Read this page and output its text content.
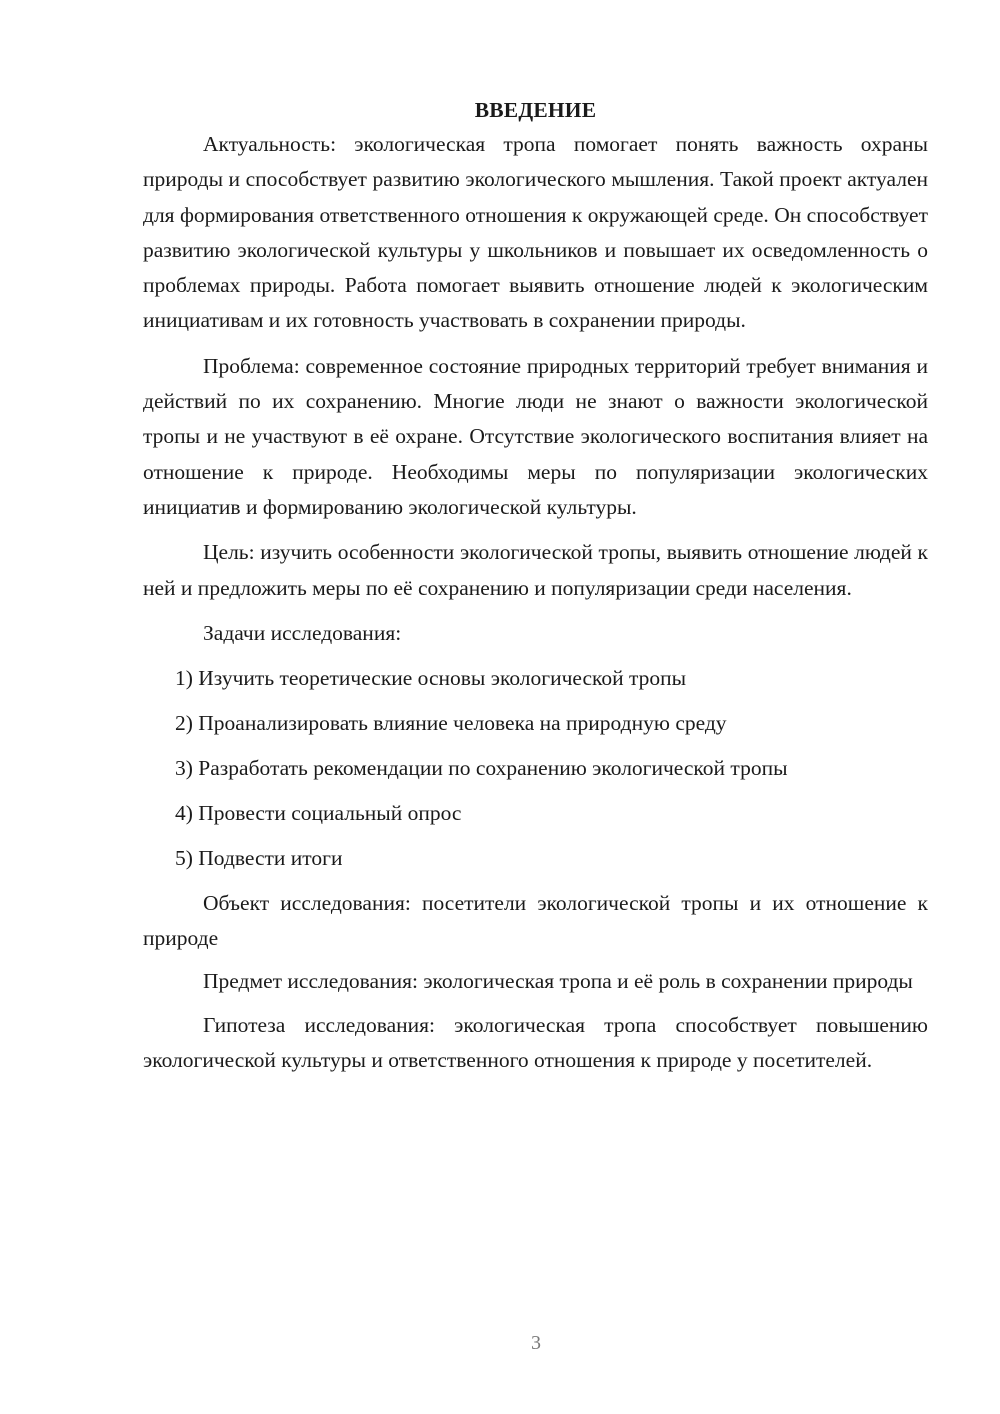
ВВЕДЕНИЕ

Актуальность: экологическая тропа помогает понять важность охраны природы и способствует развитию экологического мышления. Такой проект актуален для формирования ответственного отношения к окружающей среде. Он способствует развитию экологической культуры у школьников и повышает их осведомленность о проблемах природы. Работа помогает выявить отношение людей к экологическим инициативам и их готовность участвовать в сохранении природы.

Проблема: современное состояние природных территорий требует внимания и действий по их сохранению. Многие люди не знают о важности экологической тропы и не участвуют в её охране. Отсутствие экологического воспитания влияет на отношение к природе. Необходимы меры по популяризации экологических инициатив и формированию экологической культуры.

Цель: изучить особенности экологической тропы, выявить отношение людей к ней и предложить меры по её сохранению и популяризации среди населения.

Задачи исследования:

1) Изучить теоретические основы экологической тропы
2) Проанализировать влияние человека на природную среду
3) Разработать рекомендации по сохранению экологической тропы
4) Провести социальный опрос
5) Подвести итоги

Объект исследования: посетители экологической тропы и их отношение к природе

Предмет исследования: экологическая тропа и её роль в сохранении природы

Гипотеза исследования: экологическая тропа способствует повышению экологической культуры и ответственного отношения к природе у посетителей.

3
